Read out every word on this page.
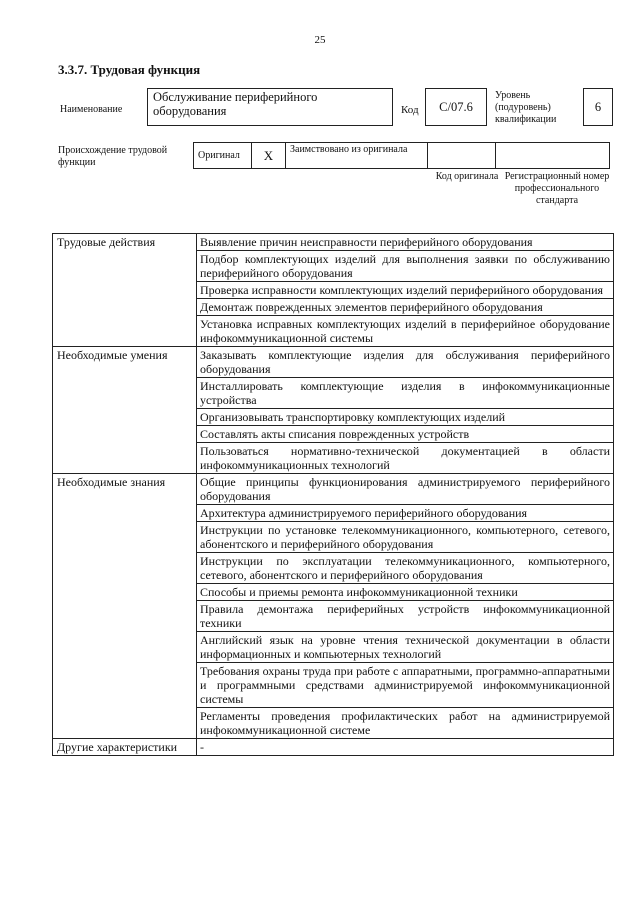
25
3.3.7. Трудовая функция
Наименование
Обслуживание периферийного оборудования	Код	C/07.6
Уровень (подуровень) квалификации
6
Происхождение трудовой функции
Оригинал	X	Заимствовано из оригинала		
Код оригинала Регистрационный номер профессионального стандарта
Трудовые действия	Выявление причин неисправности периферийного оборудования
	Подбор комплектующих изделий для выполнения заявки по обслуживанию периферийного оборудования
	Проверка исправности комплектующих изделий периферийного оборудования
	Демонтаж поврежденных элементов периферийного оборудования
	Установка исправных комплектующих изделий в периферийное оборудование инфокоммуникационной системы
Необходимые умения	Заказывать комплектующие изделия для обслуживания периферийного оборудования
	Инсталлировать комплектующие изделия в инфокоммуникационные устройства
	Организовывать транспортировку комплектующих изделий
	Составлять акты списания поврежденных устройств
	Пользоваться нормативно-технической документацией в области инфокоммуникационных технологий
Необходимые знания	Общие принципы функционирования администрируемого периферийного оборудования
	Архитектура администрируемого периферийного оборудования
	Инструкции по установке телекоммуникационного, компьютерного, сетевого, абонентского и периферийного оборудования
	Инструкции по эксплуатации телекоммуникационного, компьютерного, сетевого, абонентского и периферийного оборудования
	Способы и приемы ремонта инфокоммуникационной техники
	Правила демонтажа периферийных устройств инфокоммуникационной техники
	Английский язык на уровне чтения технической документации в области информационных и компьютерных технологий
	Требования охраны труда при работе с аппаратными, программно-аппаратными и программными средствами администрируемой инфокоммуникационной системы
	Регламенты проведения профилактических работ на администрируемой инфокоммуникационной системе
Другие характеристики	-
